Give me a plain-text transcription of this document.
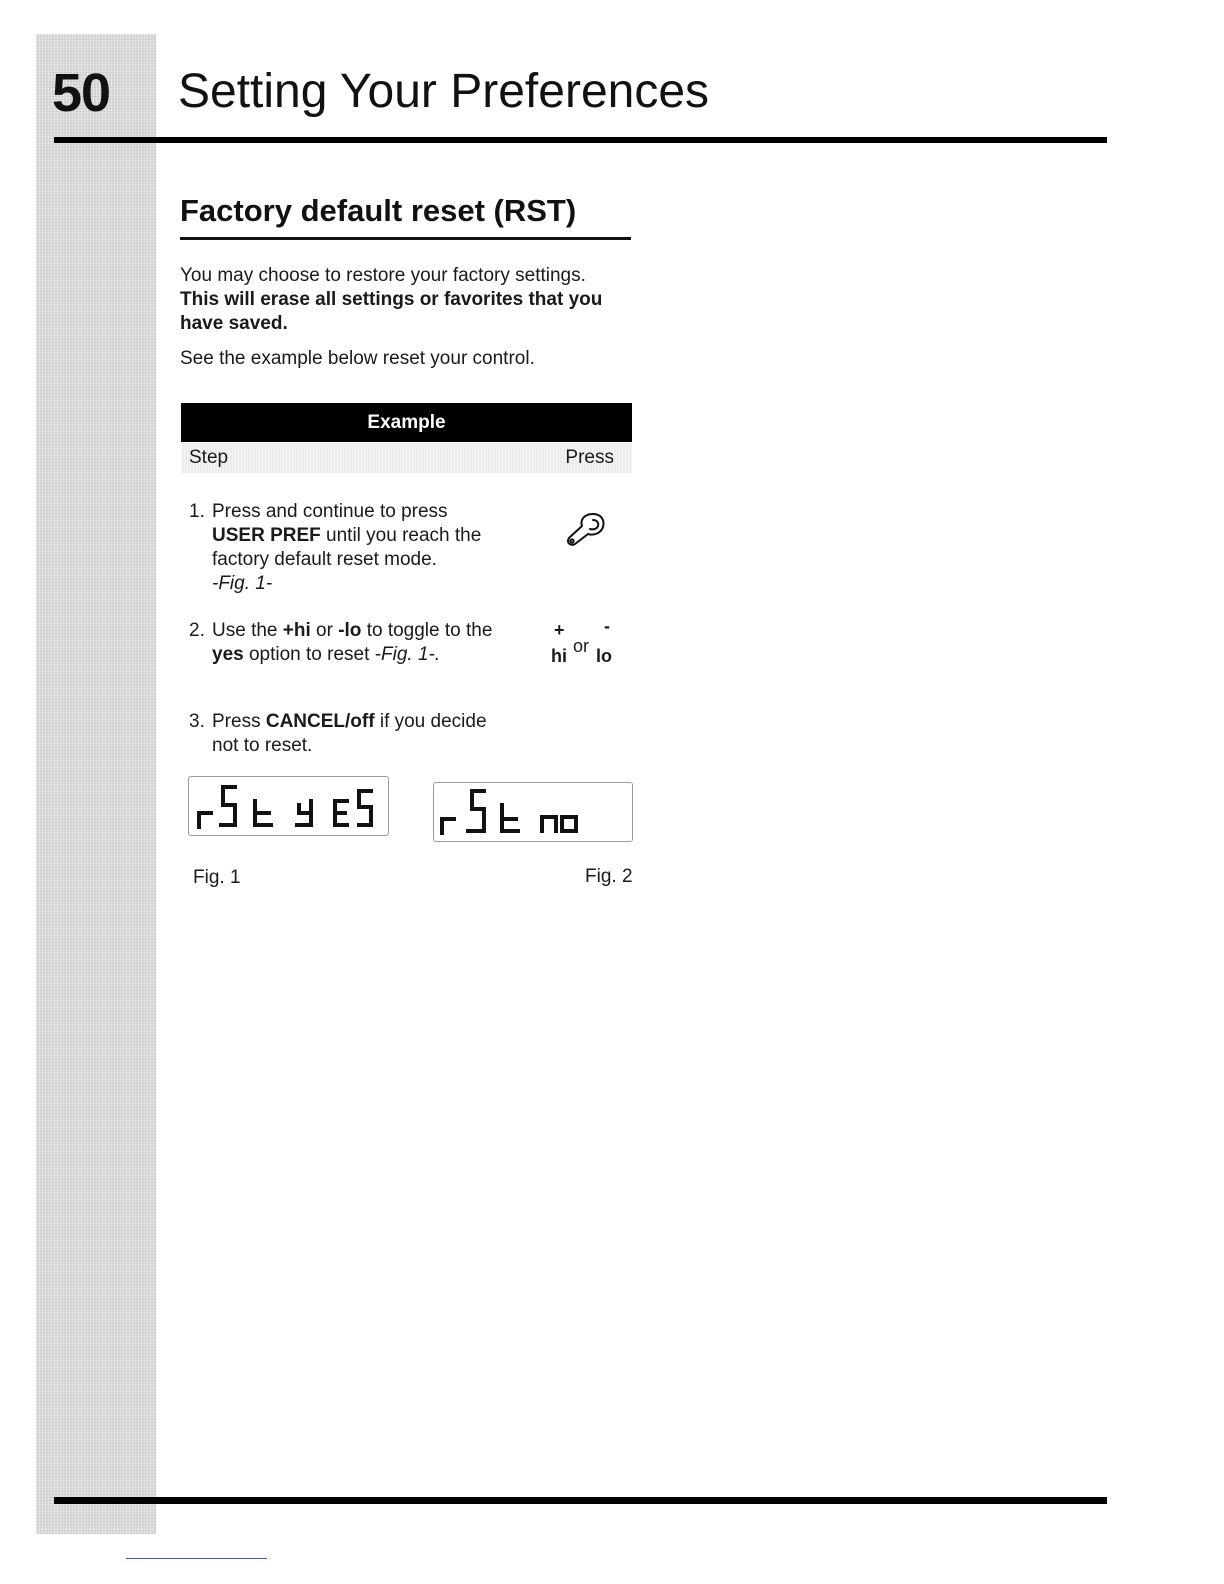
50 Setting Your Preferences
Factory default reset (RST)

You may choose to restore your factory settings.

This will erase all settings or favorites that you have saved.

See the example below reset your control.

Example
Step	Press
1. Press and continue to press
USER PREF until you reach the factory default reset mode.
-Fig. 1-
2. Use the +hi or -lo to toggle to the yes option to reset -Fig. 1-.
+ -
hi or lo
3. Press CANCEL/off if you decide not to reset.
Fig. 1	Fig. 2
